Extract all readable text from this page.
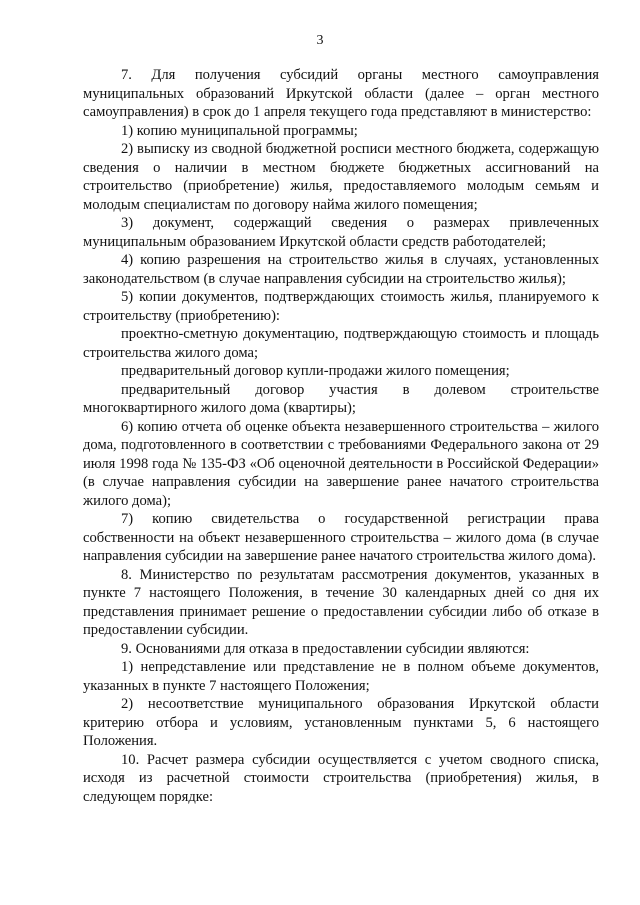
3

7. Для получения субсидий органы местного самоуправления муниципальных образований Иркутской области (далее – орган местного самоуправления) в срок до 1 апреля текущего года представляют в министерство:

1) копию муниципальной программы;

2) выписку из сводной бюджетной росписи местного бюджета, содержащую сведения о наличии в местном бюджете бюджетных ассигнований на строительство (приобретение) жилья, предоставляемого молодым семьям и молодым специалистам по договору найма жилого помещения;

3) документ, содержащий сведения о размерах привлеченных муниципальным образованием Иркутской области средств работодателей;

4) копию разрешения на строительство жилья в случаях, установленных законодательством (в случае направления субсидии на строительство жилья);

5) копии документов, подтверждающих стоимость жилья, планируемого к строительству (приобретению):

проектно-сметную документацию, подтверждающую стоимость и площадь строительства жилого дома;

предварительный договор купли-продажи жилого помещения;

предварительный договор участия в долевом строительстве многоквартирного жилого дома (квартиры);

6) копию отчета об оценке объекта незавершенного строительства – жилого дома, подготовленного в соответствии с требованиями Федерального закона от 29 июля 1998 года № 135-ФЗ «Об оценочной деятельности в Российской Федерации» (в случае направления субсидии на завершение ранее начатого строительства жилого дома);

7) копию свидетельства о государственной регистрации права собственности на объект незавершенного строительства – жилого дома (в случае направления субсидии на завершение ранее начатого строительства жилого дома).

8. Министерство по результатам рассмотрения документов, указанных в пункте 7 настоящего Положения, в течение 30 календарных дней со дня их представления принимает решение о предоставлении субсидии либо об отказе в предоставлении субсидии.

9. Основаниями для отказа в предоставлении субсидии являются:

1) непредставление или представление не в полном объеме документов, указанных в пункте 7 настоящего Положения;

2) несоответствие муниципального образования Иркутской области критерию отбора и условиям, установленным пунктами 5, 6 настоящего Положения.

10. Расчет размера субсидии осуществляется с учетом сводного списка, исходя из расчетной стоимости строительства (приобретения) жилья, в следующем порядке:
